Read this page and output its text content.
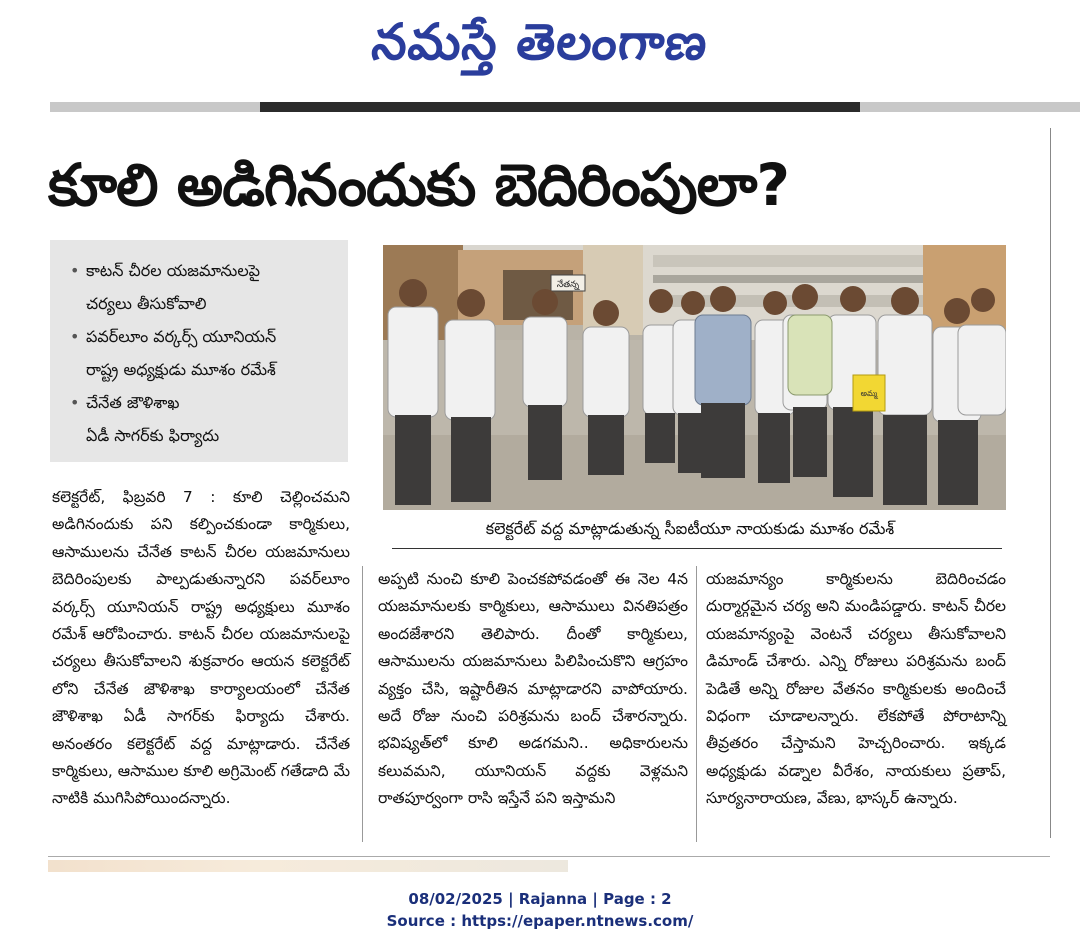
నమస్తే తెలంగాణ
కూలి అడిగినందుకు బెదిరింపులా?
• కాటన్ చీరల యజమానులపై
చర్యలు తీసుకోవాలి
• పవర్‌లూం వర్కర్స్ యూనియన్
రాష్ట్ర అధ్యక్షుడు మూశం రమేశ్
• చేనేత జౌళిశాఖ
ఏడీ సాగర్‌కు ఫిర్యాదు
నేతన్న
అమ్మ
కలెక్టరేట్ వద్ద మాట్లాడుతున్న సీఐటీయూ నాయకుడు మూశం రమేశ్

కలెక్టరేట్, ఫిబ్రవరి 7 : కూలి చెల్లించమని అడిగినందుకు పని కల్పించకుండా కార్మికులు, ఆసాములను చేనేత కాటన్ చీరల యజమానులు బెదిరింపులకు పాల్పడుతున్నారని పవర్‌లూం వర్కర్స్ యూనియన్ రాష్ట్ర అధ్యక్షులు మూశం రమేశ్ ఆరోపించారు. కాటన్ చీరల యజమానులపై చర్యలు తీసుకోవాలని శుక్రవారం ఆయన కలెక్టరేట్ లోని చేనేత జౌళిశాఖ కార్యాలయంలో చేనేత జౌళిశాఖ ఏడీ సాగర్‌కు ఫిర్యాదు చేశారు. అనంతరం కలెక్టరేట్ వద్ద మాట్లాడారు. చేనేత కార్మికులు, ఆసాముల కూలి అగ్రిమెంట్ గతేడాది మే నాటికి ముగిసిపోయిందన్నారు.

అప్పటి నుంచి కూలి పెంచకపోవడంతో ఈ నెల 4న యజమానులకు కార్మికులు, ఆసాములు వినతిపత్రం అందజేశారని తెలిపారు. దీంతో కార్మికులు, ఆసాములను యజమానులు పిలిపించుకొని ఆగ్రహం వ్యక్తం చేసి, ఇష్టారీతిన మాట్లాడారని వాపోయారు. అదే రోజు నుంచి పరిశ్రమను బంద్ చేశారన్నారు. భవిష్యత్‌లో కూలి అడగమని.. అధికారులను కలువమని, యూనియన్ వద్దకు వెళ్లమని రాతపూర్వంగా రాసి ఇస్తేనే పని ఇస్తామని

యజమాన్యం కార్మికులను బెదిరించడం దుర్మార్గమైన చర్య అని మండిపడ్డారు. కాటన్ చీరల యజమాన్యంపై వెంటనే చర్యలు తీసుకోవాలని డిమాండ్ చేశారు. ఎన్ని రోజులు పరిశ్రమను బంద్ పెడితే అన్ని రోజుల వేతనం కార్మికులకు అందించే విధంగా చూడాలన్నారు. లేకపోతే పోరాటాన్ని తీవ్రతరం చేస్తామని హెచ్చరించారు. ఇక్కడ అధ్యక్షుడు వడ్నాల వీరేశం, నాయకులు ప్రతాప్, సూర్యనారాయణ, వేణు, భాస్కర్ ఉన్నారు.

08/02/2025 | Rajanna | Page : 2
Source : https://epaper.ntnews.com/
